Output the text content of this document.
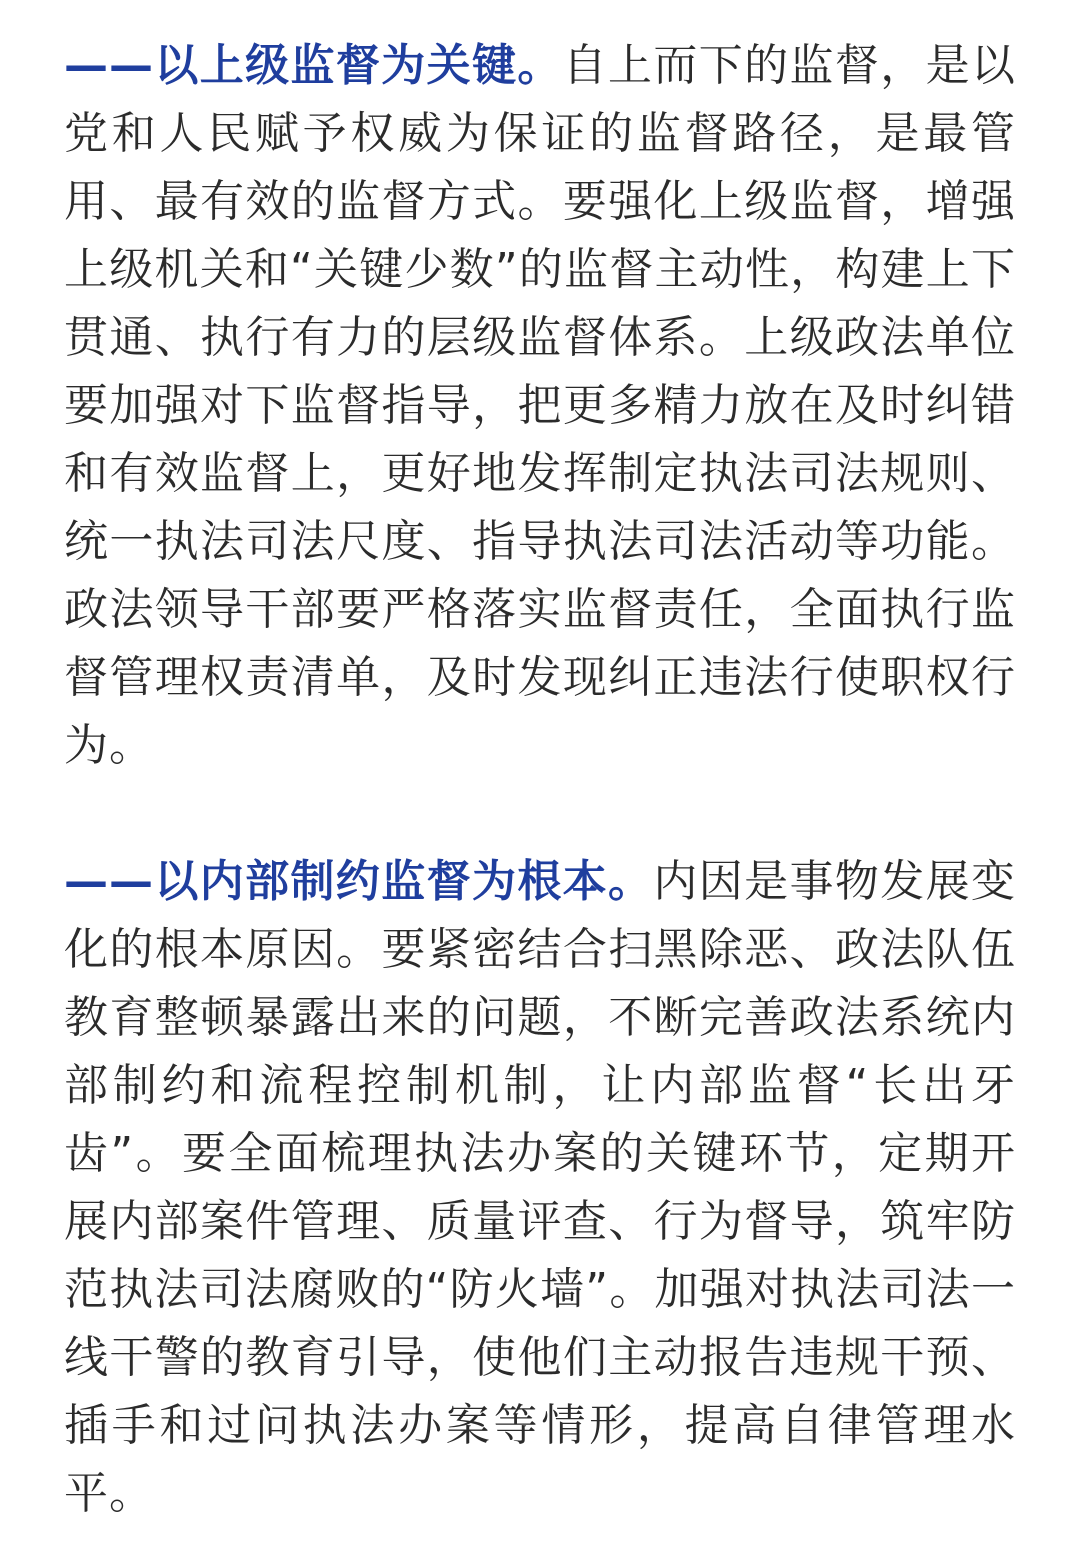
——以上级监督为关键。自上而下的监督，是以党和人民赋予权威为保证的监督路径，是最管用、最有效的监督方式。要强化上级监督，增强上级机关和“关键少数”的监督主动性，构建上下贯通、执行有力的层级监督体系。上级政法单位要加强对下监督指导，把更多精力放在及时纠错和有效监督上，更好地发挥制定执法司法规则、统一执法司法尺度、指导执法司法活动等功能。政法领导干部要严格落实监督责任，全面执行监督管理权责清单，及时发现纠正违法行使职权行为。

——以内部制约监督为根本。内因是事物发展变化的根本原因。要紧密结合扫黑除恶、政法队伍教育整顿暴露出来的问题，不断完善政法系统内部制约和流程控制机制，让内部监督“长出牙齿”。要全面梳理执法办案的关键环节，定期开展内部案件管理、质量评查、行为督导，筑牢防范执法司法腐败的“防火墙”。加强对执法司法一线干警的教育引导，使他们主动报告违规干预、插手和过问执法办案等情形，提高自律管理水平。
